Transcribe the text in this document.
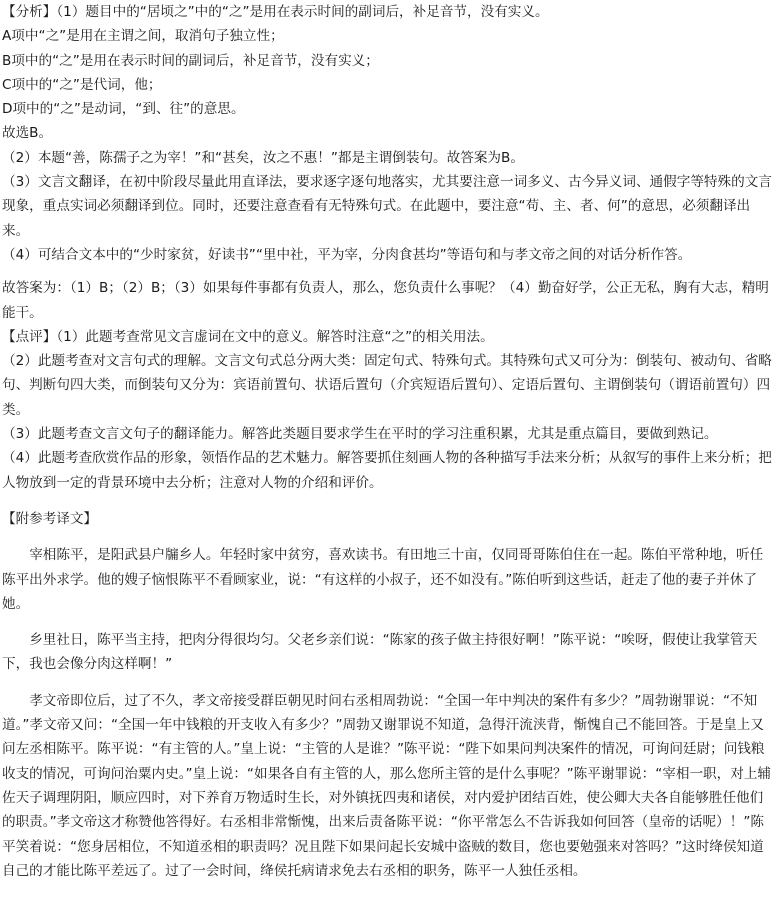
【分析】（1）题目中的“居顷之”中的“之”是用在表示时间的副词后，补足音节，没有实义。

A项中“之”是用在主谓之间，取消句子独立性；

B项中的“之”是用在表示时间的副词后，补足音节，没有实义；

C项中的“之”是代词，他；

D项中的“之”是动词，“到、往”的意思。

故选B。

（2）本题“善，陈孺子之为宰！”和“甚矣，汝之不惠！”都是主谓倒装句。故答案为B。

（3）文言文翻译，在初中阶段尽量此用直译法，要求逐字逐句地落实，尤其要注意一词多义、古今异义词、通假字等特殊的文言现象，重点实词必须翻译到位。同时，还要注意查看有无特殊句式。在此题中，要注意“苟、主、者、何”的意思，必须翻译出来。

（4）可结合文本中的“少时家贫，好读书”“里中社，平为宰，分肉食甚均”等语句和与孝文帝之间的对话分析作答。

故答案为：（1）B；（2）B；（3）如果每件事都有负责人，那么，您负责什么事呢？（4）勤奋好学，公正无私，胸有大志，精明能干。

【点评】（1）此题考查常见文言虚词在文中的意义。解答时注意“之”的相关用法。

（2）此题考查对文言句式的理解。文言文句式总分两大类：固定句式、特殊句式。其特殊句式又可分为：倒装句、被动句、省略句、判断句四大类，而倒装句又分为：宾语前置句、状语后置句（介宾短语后置句）、定语后置句、主谓倒装句（谓语前置句）四类。

（3）此题考查文言文句子的翻译能力。解答此类题目要求学生在平时的学习注重积累，尤其是重点篇目，要做到熟记。

（4）此题考查欣赏作品的形象，领悟作品的艺术魅力。解答要抓住刻画人物的各种描写手法来分析；从叙写的事件上来分析；把人物放到一定的背景环境中去分析；注意对人物的介绍和评价。

【附参考译文】

宰相陈平，是阳武县户牖乡人。年轻时家中贫穷，喜欢读书。有田地三十亩，仅同哥哥陈伯住在一起。陈伯平常种地，听任陈平出外求学。他的嫂子恼恨陈平不看顾家业，说：“有这样的小叔子，还不如没有。”陈伯听到这些话，赶走了他的妻子并休了她。

乡里社日，陈平当主持，把肉分得很均匀。父老乡亲们说：“陈家的孩子做主持很好啊！”陈平说：“唉呀，假使让我掌管天下，我也会像分肉这样啊！”

孝文帝即位后，过了不久，孝文帝接受群臣朝见时问右丞相周勃说：“全国一年中判决的案件有多少？”周勃谢罪说：“不知道。”孝文帝又问：“全国一年中钱粮的开支收入有多少？”周勃又谢罪说不知道，急得汗流浃背，惭愧自己不能回答。于是皇上又问左丞相陈平。陈平说：“有主管的人。”皇上说：“主管的人是谁？”陈平说：“陛下如果问判决案件的情况，可询问廷尉；问钱粮收支的情况，可询问治粟内史。”皇上说：“如果各自有主管的人，那么您所主管的是什么事呢？”陈平谢罪说：“宰相一职，对上辅佐天子调理阴阳，顺应四时，对下养育万物适时生长，对外镇抚四夷和诸侯，对内爱护团结百姓，使公卿大夫各自能够胜任他们的职责。”孝文帝这才称赞他答得好。右丞相非常惭愧，出来后责备陈平说：“你平常怎么不告诉我如何回答（皇帝的话呢）！”陈平笑着说：“您身居相位，不知道丞相的职责吗？况且陛下如果问起长安城中盗贼的数目，您也要勉强来对答吗？”这时绛侯知道自己的才能比陈平差远了。过了一会时间，绛侯托病请求免去右丞相的职务，陈平一人独任丞相。
